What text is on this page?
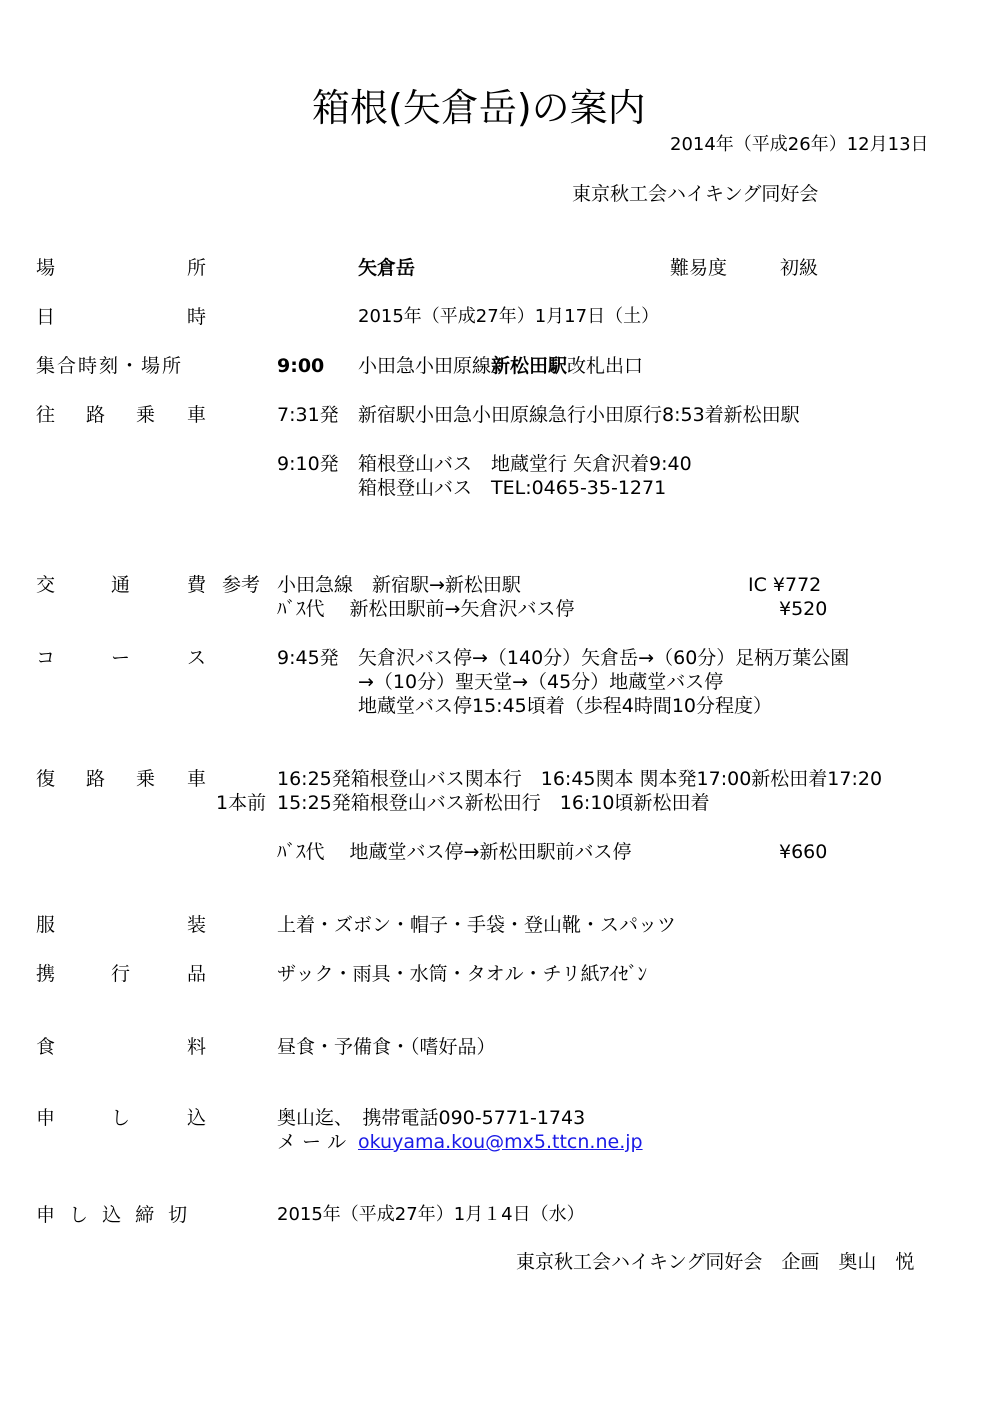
箱根(矢倉岳)の案内
2014年（平成26年）12月13日
東京秋工会ハイキング同好会
場	所	矢倉岳	難易度	初級
日	時	2015年（平成27年）1月17日（土）
集合時刻・場所	9:00 小田急小田原線新松田駅改札出口
往 路 乗 車	7:31発 新宿駅小田急小田原線急行小田原行8:53着新松田駅
9:10発 箱根登山バス　地蔵堂行 矢倉沢着9:40
箱根登山バス　TEL:0465-35-1271
交	通	費 参考 小田急線　新宿駅→新松田駅	IC ¥772
ﾊﾞｽ代　 新松田駅前→矢倉沢バス停	¥520
コ	ー	ス	9:45発 矢倉沢バス停→（140分）矢倉岳→（60分）足柄万葉公園
→（10分）聖天堂→（45分）地蔵堂バス停
地蔵堂バス停15:45頃着（歩程4時間10分程度）
復 路 乗 車	16:25発箱根登山バス関本行　16:45関本 関本発17:00新松田着17:20
1本前 15:25発箱根登山バス新松田行　16:10頃新松田着
ﾊﾞｽ代　 地蔵堂バス停→新松田駅前バス停	¥660
服	装	上着・ズボン・帽子・手袋・登山靴・スパッツ
携	行	品	ザック・雨具・水筒・タオル・チリ紙ｱｲｾﾞﾝ
食	料	昼食・予備食・（嗜好品）
申	し	込	奥山迄、　携帯電話090-5771-1743
メ ー ル okuyama.kou@mx5.ttcn.ne.jp
申 し 込 締 切	2015年（平成27年）1月１4日（水）
東京秋工会ハイキング同好会　企画　奥山　悦
